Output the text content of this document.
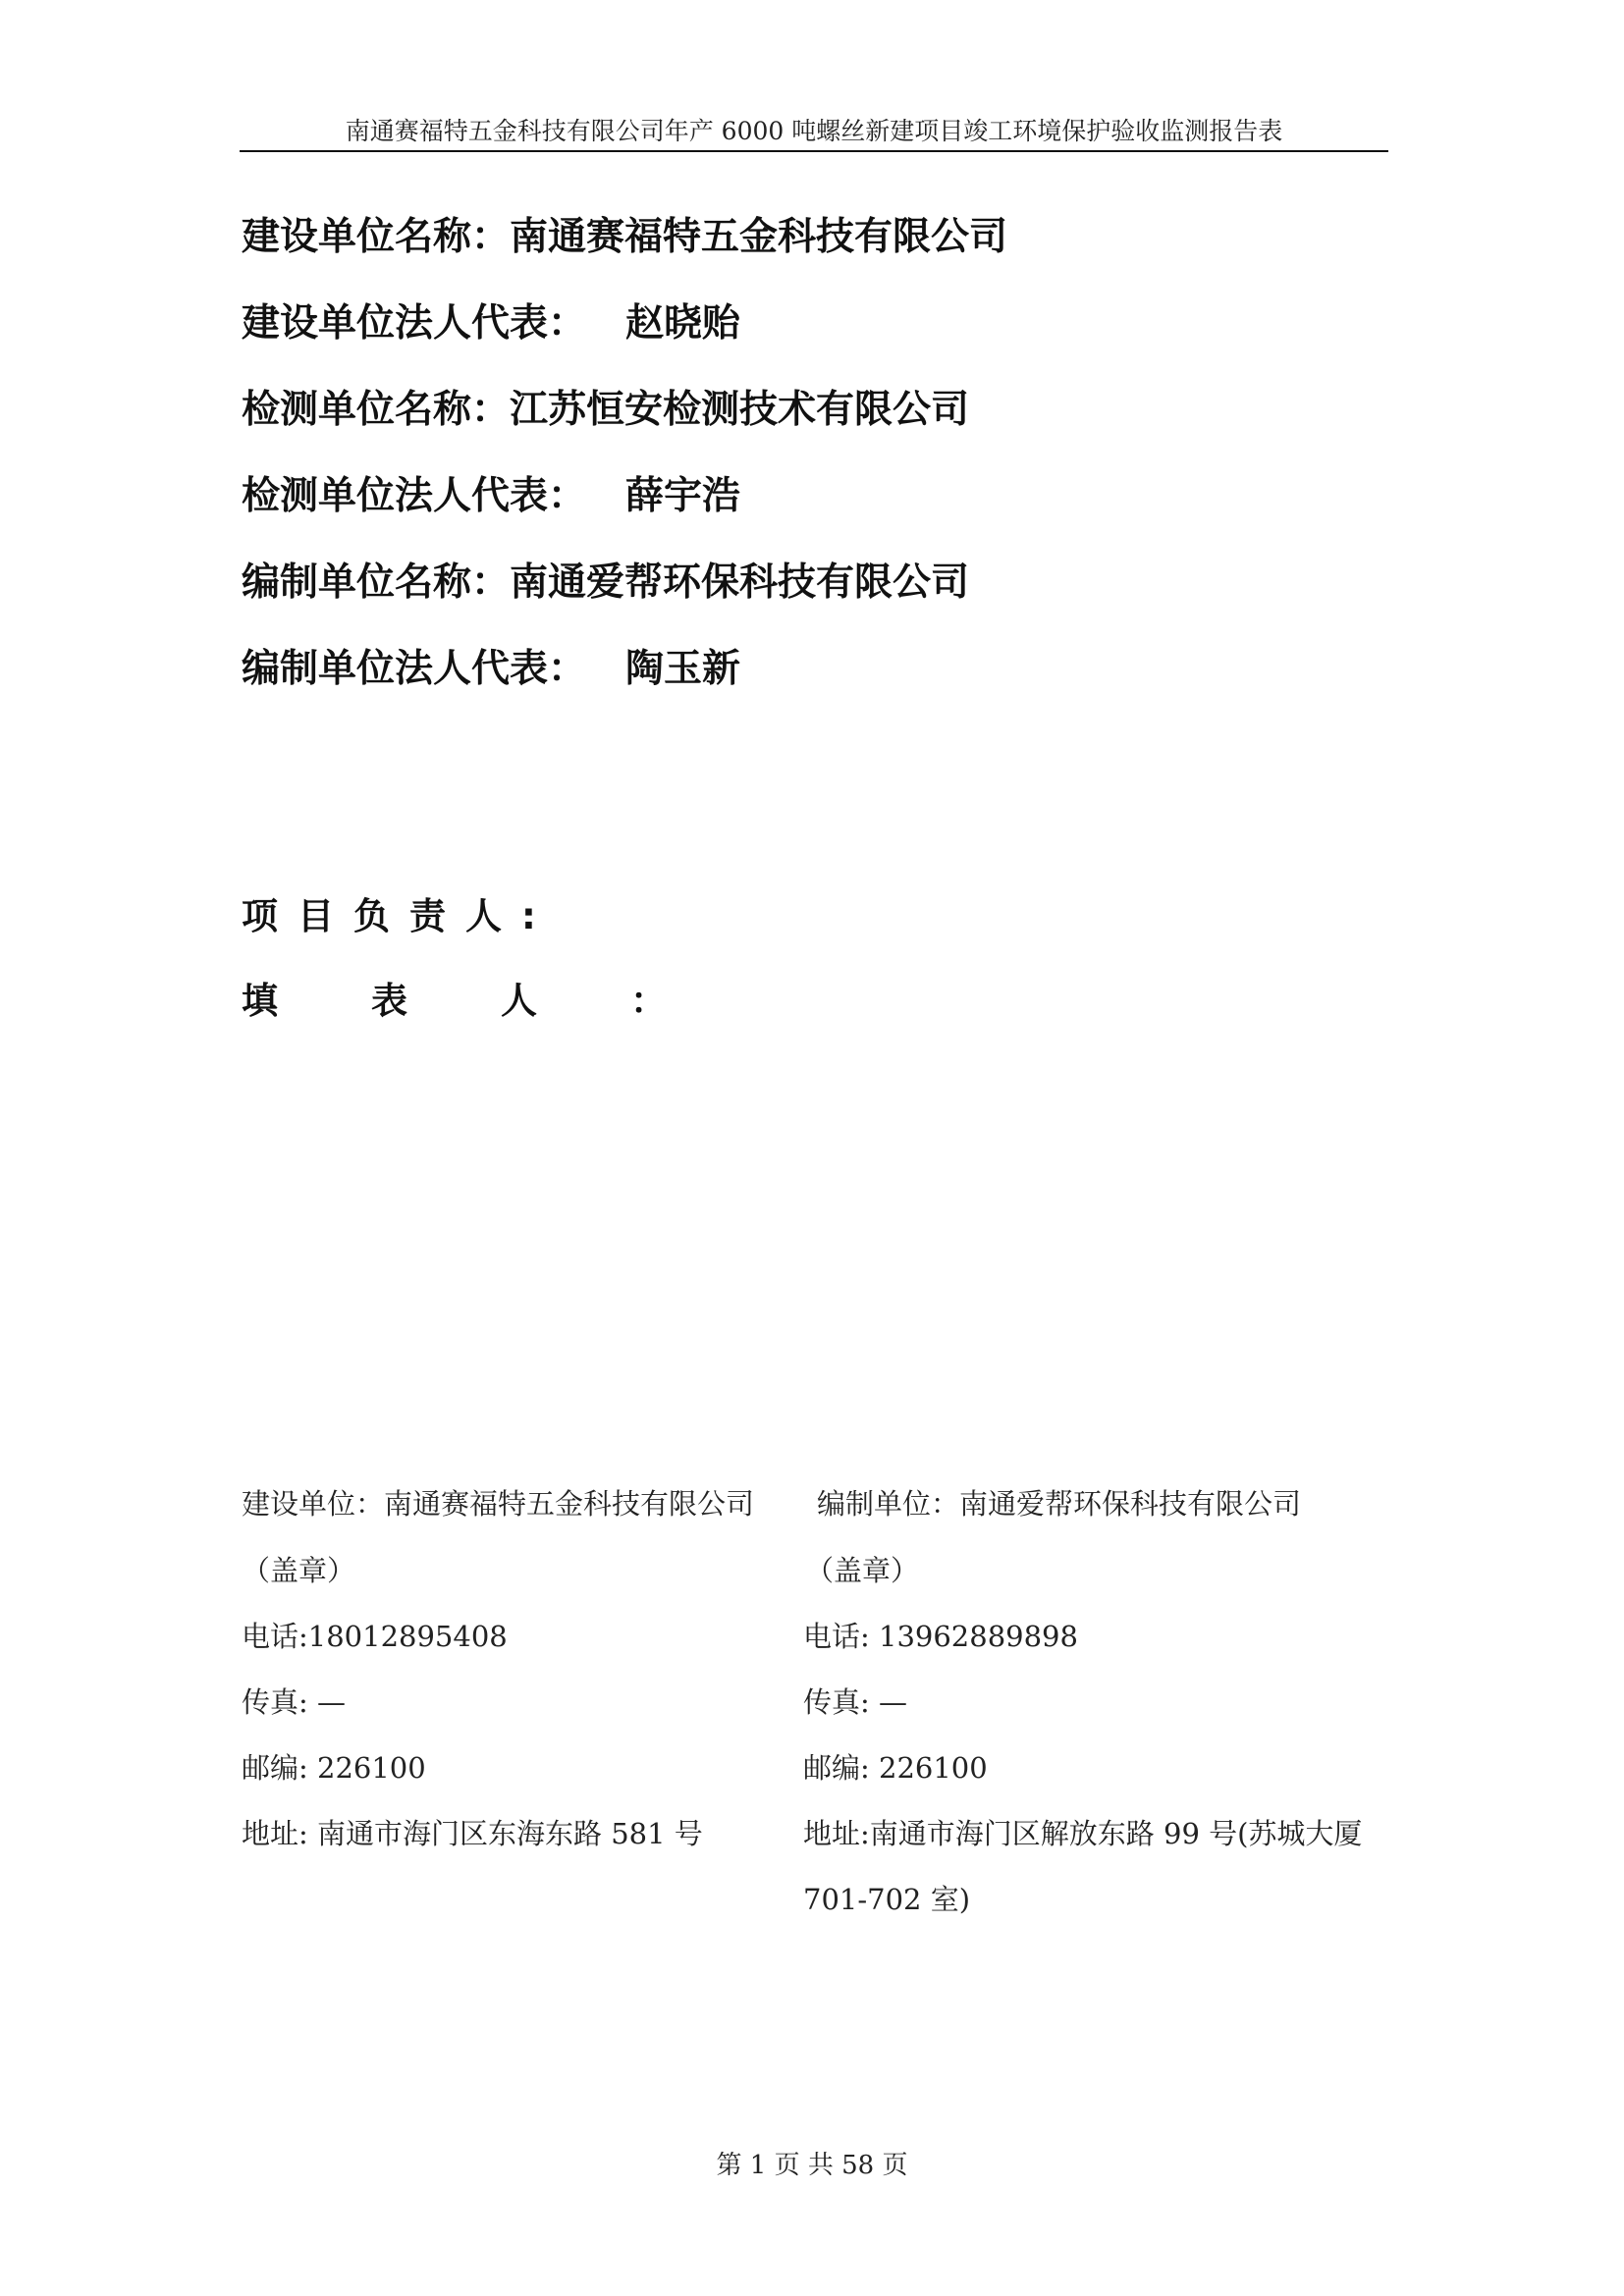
南通赛福特五金科技有限公司年产 6000 吨螺丝新建项目竣工环境保护验收监测报告表
建设单位名称：南通赛福特五金科技有限公司
建设单位法人代表： 赵晓贻
检测单位名称：江苏恒安检测技术有限公司
检测单位法人代表： 薛宇浩
编制单位名称：南通爱帮环保科技有限公司
编制单位法人代表： 陶玉新
项目负责人:
填表人：
建设单位：南通赛福特五金科技有限公司
（盖章）
电话:18012895408
传真: —
邮编: 226100
地址: 南通市海门区东海东路 581 号
编制单位：南通爱帮环保科技有限公司
（盖章）
电话: 13962889898
传真: —
邮编: 226100
地址:南通市海门区解放东路 99 号(苏城大厦
701-702 室)
第 1 页 共 58 页
